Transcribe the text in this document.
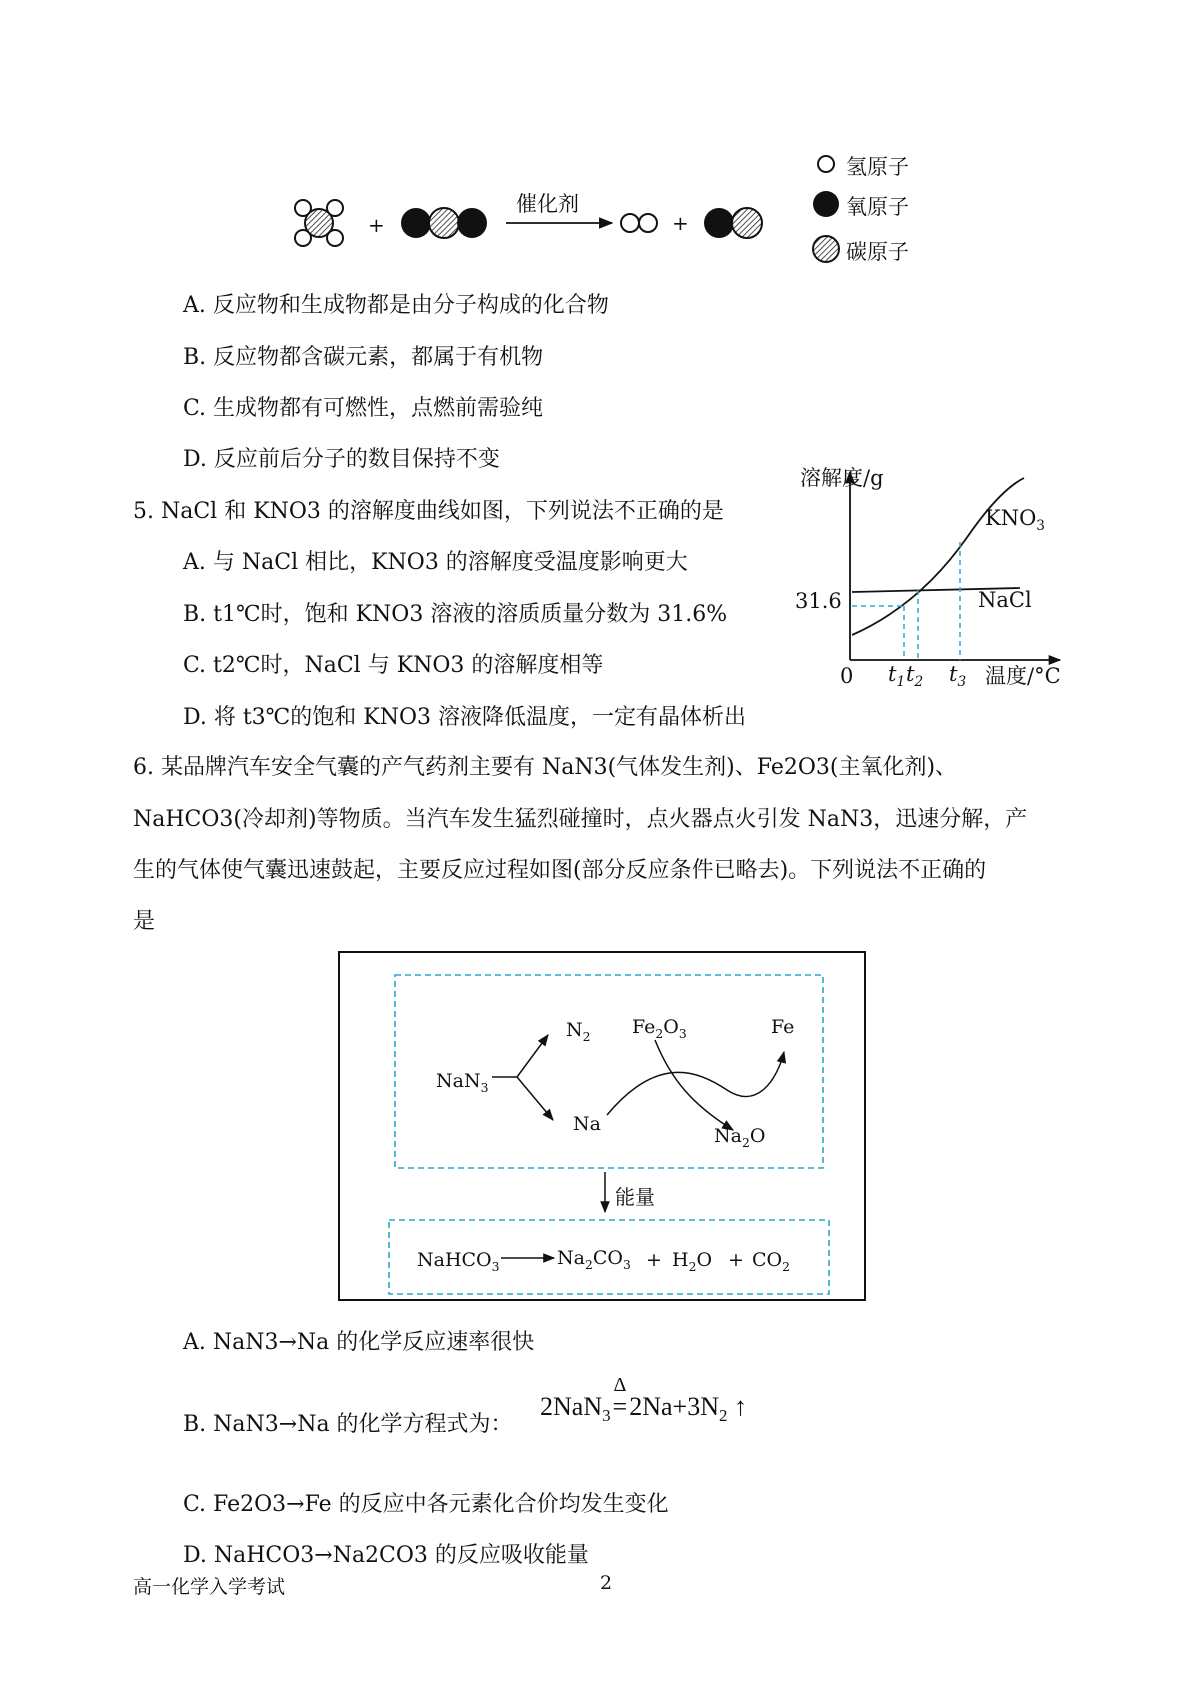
+	+
催化剂
氢原子
氧原子
碳原子
A. 反应物和生成物都是由分子构成的化合物
B. 反应物都含碳元素，都属于有机物
C. 生成物都有可燃性，点燃前需验纯
D. 反应前后分子的数目保持不变
5. NaCl 和 KNO3 的溶解度曲线如图，下列说法不正确的是
A. 与 NaCl 相比，KNO3 的溶解度受温度影响更大
B. t1℃时，饱和 KNO3 溶液的溶质质量分数为 31.6%
C. t2℃时，NaCl 与 KNO3 的溶解度相等
D. 将 t3℃的饱和 KNO3 溶液降低温度，一定有晶体析出
溶解度/g
$KNO_3$
NaCl
31.6
0 $t_1$ $t_2$ $t_3$ 温度/°C
6. 某品牌汽车安全气囊的产气药剂主要有 NaN3(气体发生剂)、Fe2O3(主氧化剂)、
NaHCO3(冷却剂)等物质。当汽车发生猛烈碰撞时，点火器点火引发 NaN3，迅速分解，产
生的气体使气囊迅速鼓起，主要反应过程如图(部分反应条件已略去)。下列说法不正确的
是
NaN$_3$
$N_2$
Na
$Fe_2O_3$	Fe
$Na_2O$
能量
NaHCO$_3$	$Na_2CO_3 + H_2O + CO_2$
A. NaN3→Na 的化学反应速率很快
B. NaN3→Na 的化学方程式为：
2NaN$_3$
Δ
$=2Na+3N_2$ ↑
C. Fe2O3→Fe 的反应中各元素化合价均发生变化
D. NaHCO3→Na2CO3 的反应吸收能量
高一化学入学考试	2
